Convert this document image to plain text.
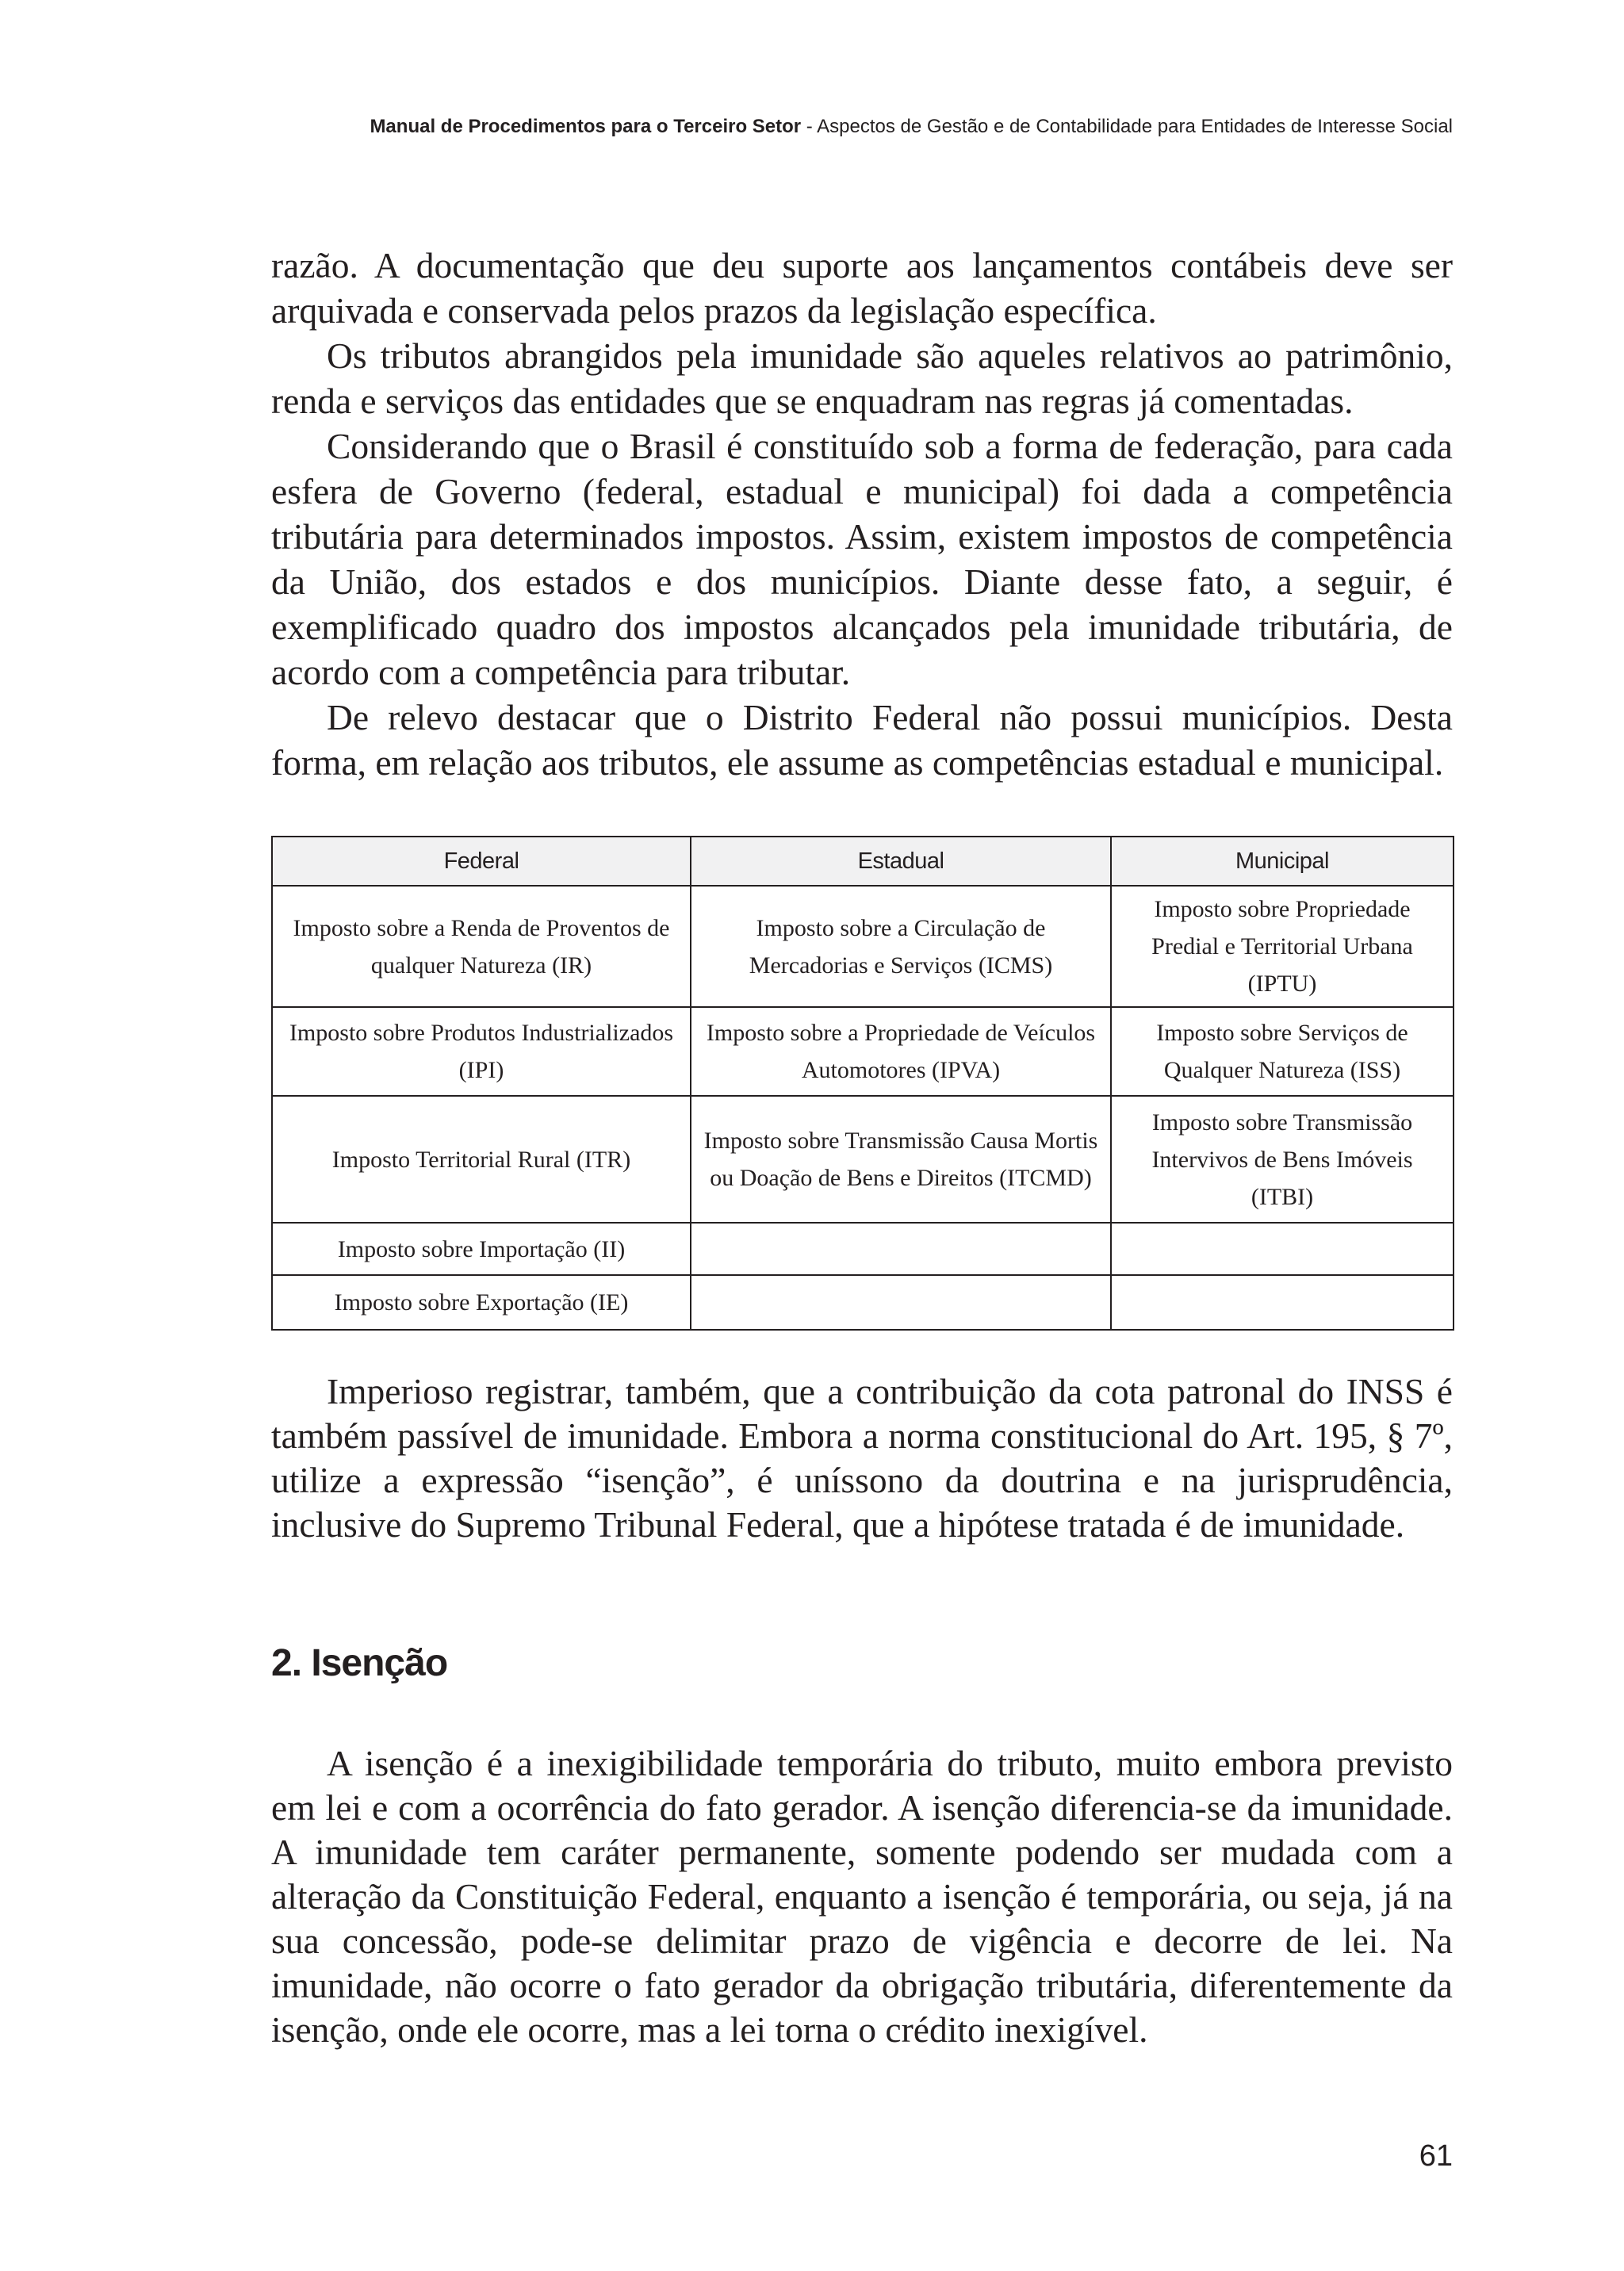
Manual de Procedimentos para o Terceiro Setor - Aspectos de Gestão e de Contabilidade para Entidades de Interesse Social

razão. A documentação que deu suporte aos lançamentos contábeis deve ser arquivada e conservada pelos prazos da legislação específica.

Os tributos abrangidos pela imunidade são aqueles relativos ao patrimônio, renda e serviços das entidades que se enquadram nas regras já comentadas.

Considerando que o Brasil é constituído sob a forma de federação, para cada esfera de Governo (federal, estadual e municipal) foi dada a competência tributária para determinados impostos. Assim, existem impostos de competência da União, dos estados e dos municípios. Diante desse fato, a seguir, é exemplificado quadro dos impostos alcançados pela imunidade tributária, de acordo com a competência para tributar.

De relevo destacar que o Distrito Federal não possui municípios. Desta forma, em relação aos tributos, ele assume as competências estadual e municipal.

Federal	Estadual	Municipal
Imposto sobre a Renda de Proventos de qualquer Natureza (IR)	Imposto sobre a Circulação de Mercadorias e Serviços (ICMS)	Imposto sobre Propriedade Predial e Territorial Urbana (IPTU)
Imposto sobre Produtos Industrializados (IPI)	Imposto sobre a Propriedade de Veículos Automotores (IPVA)	Imposto sobre Serviços de Qualquer Natureza (ISS)
Imposto Territorial Rural (ITR)	Imposto sobre Transmissão Causa Mortis ou Doação de Bens e Direitos (ITCMD)	Imposto sobre Transmissão Intervivos de Bens Imóveis (ITBI)
Imposto sobre Importação (II)		
Imposto sobre Exportação (IE)		

Imperioso registrar, também, que a contribuição da cota patronal do INSS é também passível de imunidade. Embora a norma constitucional do Art. 195, § 7º, utilize a expressão “isenção”, é uníssono da doutrina e na jurisprudência, inclusive do Supremo Tribunal Federal, que a hipótese tratada é de imunidade.

2. Isenção

A isenção é a inexigibilidade temporária do tributo, muito embora previsto em lei e com a ocorrência do fato gerador. A isenção diferencia-se da imunidade. A imunidade tem caráter permanente, somente podendo ser mudada com a alteração da Constituição Federal, enquanto a isenção é temporária, ou seja, já na sua concessão, pode-se delimitar prazo de vigência e decorre de lei. Na imunidade, não ocorre o fato gerador da obrigação tributária, diferentemente da isenção, onde ele ocorre, mas a lei torna o crédito inexigível.

61
